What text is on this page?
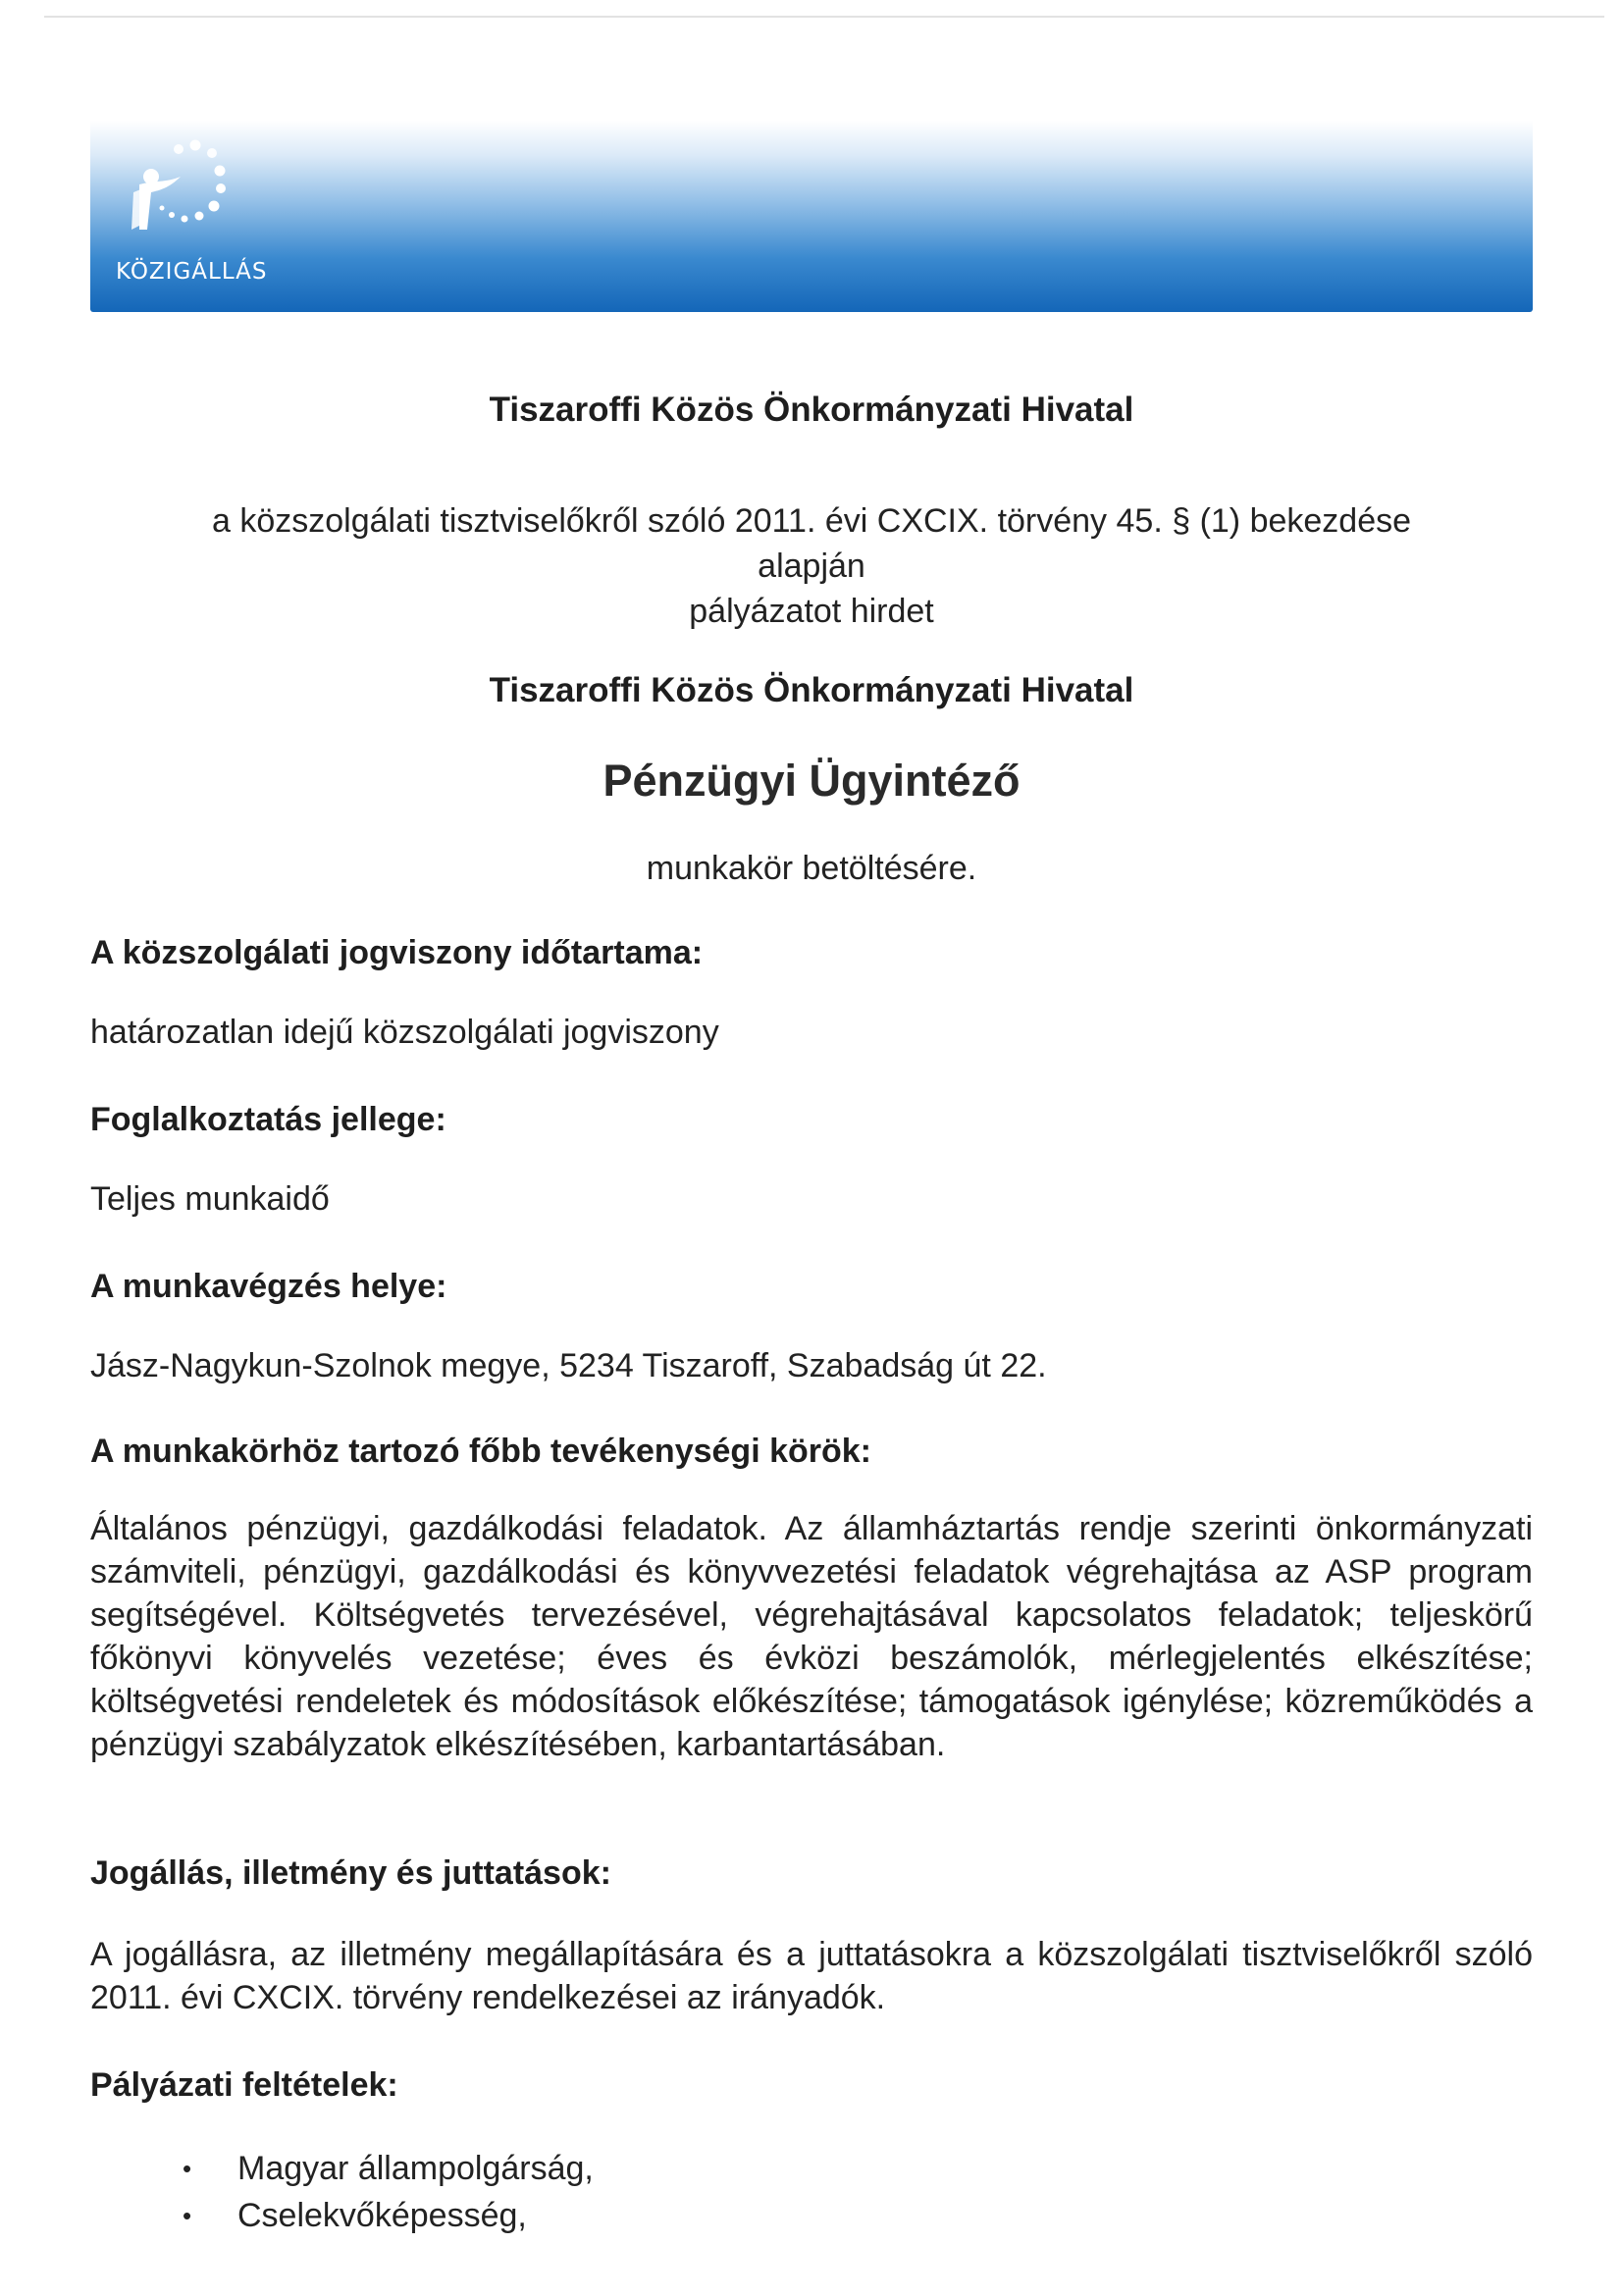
KÖZIGÁLLÁS
Tiszaroffi Közös Önkormányzati Hivatal
a közszolgálati tisztviselőkről szóló 2011. évi CXCIX. törvény 45. § (1) bekezdése
alapján
pályázatot hirdet
Tiszaroffi Közös Önkormányzati Hivatal
Pénzügyi Ügyintéző
munkakör betöltésére.
A közszolgálati jogviszony időtartama:
határozatlan idejű közszolgálati jogviszony
Foglalkoztatás jellege:
Teljes munkaidő
A munkavégzés helye:
Jász-Nagykun-Szolnok megye, 5234 Tiszaroff, Szabadság út 22.
A munkakörhöz tartozó főbb tevékenységi körök:
Általános pénzügyi, gazdálkodási feladatok. Az államháztartás rendje szerinti önkormányzati számviteli, pénzügyi, gazdálkodási és könyvvezetési feladatok végrehajtása az ASP program segítségével. Költségvetés tervezésével, végrehajtásával kapcsolatos feladatok; teljeskörű főkönyvi könyvelés vezetése; éves és évközi beszámolók, mérlegjelentés elkészítése; költségvetési rendeletek és módosítások előkészítése; támogatások igénylése; közreműködés a pénzügyi szabályzatok elkészítésében, karbantartásában.
Jogállás, illetmény és juttatások:
A jogállásra, az illetmény megállapítására és a juttatásokra a közszolgálati tisztviselőkről szóló 2011. évi CXCIX. törvény rendelkezései az irányadók.
Pályázati feltételek:
• Magyar állampolgárság,
• Cselekvőképesség,
